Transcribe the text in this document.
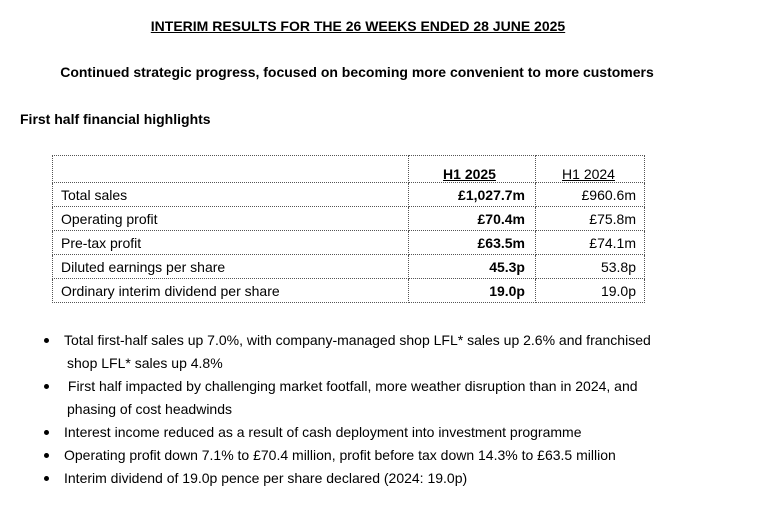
INTERIM RESULTS FOR THE 26 WEEKS ENDED 28 JUNE 2025
Continued strategic progress, focused on becoming more convenient to more customers
First half financial highlights
	H1 2025	H1 2024
Total sales	£1,027.7m	£960.6m
Operating profit	£70.4m	£75.8m
Pre-tax profit	£63.5m	£74.1m
Diluted earnings per share	45.3p	53.8p
Ordinary interim dividend per share	19.0p	19.0p
Total first-half sales up 7.0%, with company-managed shop LFL* sales up 2.6% and franchised
shop LFL* sales up 4.8%
First half impacted by challenging market footfall, more weather disruption than in 2024, and
phasing of cost headwinds
Interest income reduced as a result of cash deployment into investment programme
Operating profit down 7.1% to £70.4 million, profit before tax down 14.3% to £63.5 million
Interim dividend of 19.0p pence per share declared (2024: 19.0p)
